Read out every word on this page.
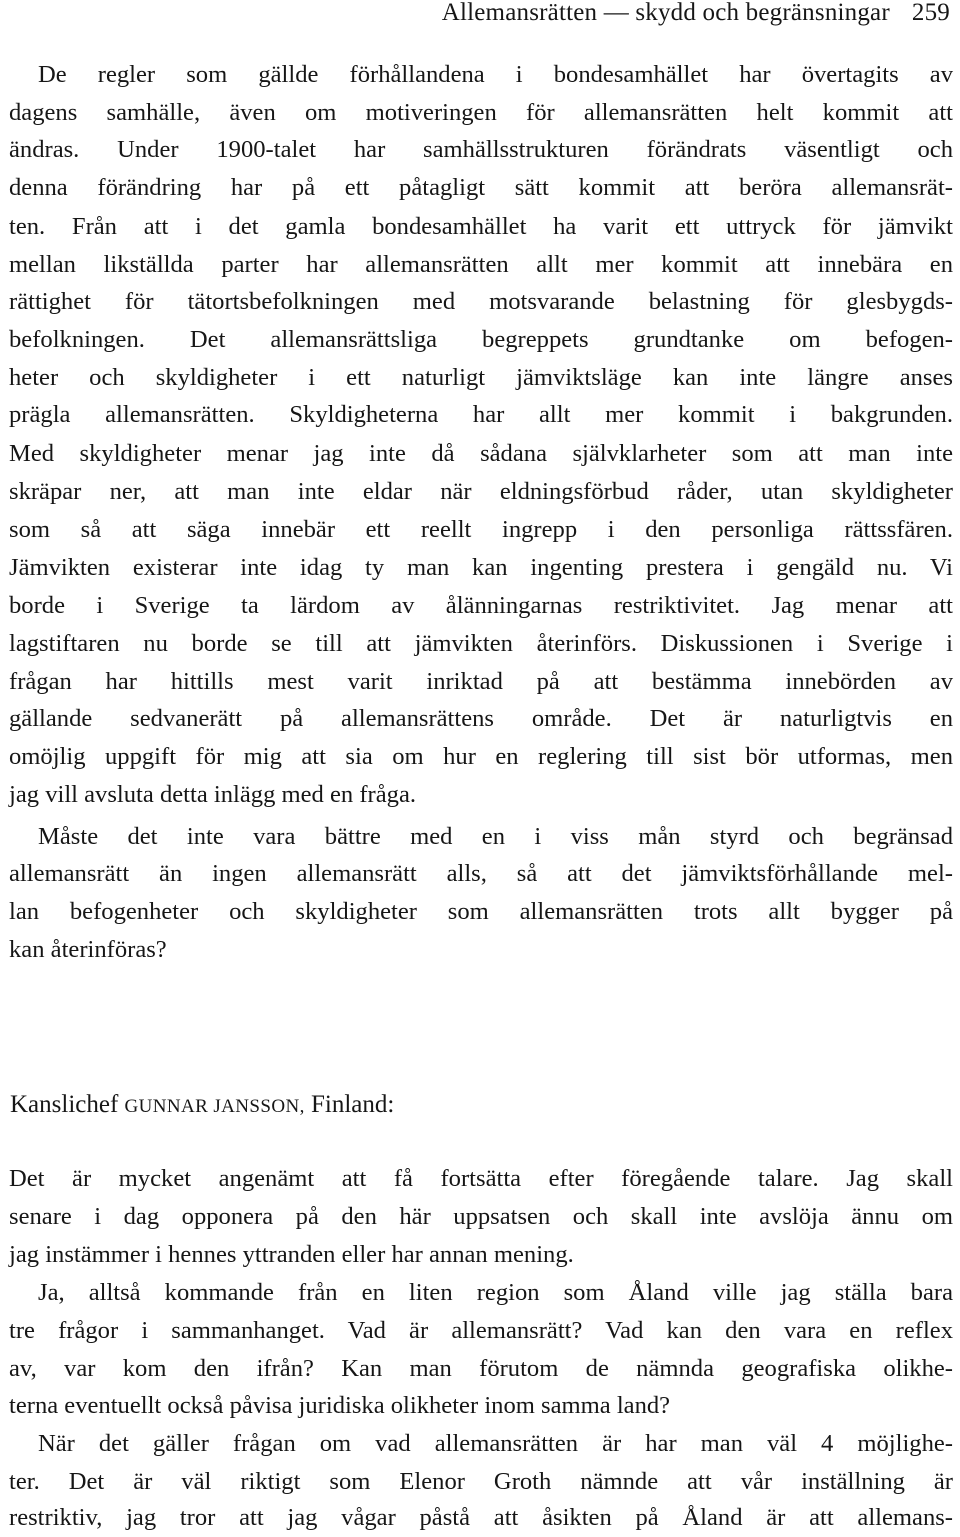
Allemansrätten — skydd och begränsningar 259
De regler som gällde förhållandena i bondesamhället har övertagits av
dagens samhälle, även om motiveringen för allemansrätten helt kommit att
ändras. Under 1900-talet har samhällsstrukturen förändrats väsentligt och
denna förändring har på ett påtagligt sätt kommit att beröra allemansrät-
ten. Från att i det gamla bondesamhället ha varit ett uttryck för jämvikt
mellan likställda parter har allemansrätten allt mer kommit att innebära en
rättighet för tätortsbefolkningen med motsvarande belastning för glesbygds-
befolkningen. Det allemansrättsliga begreppets grundtanke om befogen-
heter och skyldigheter i ett naturligt jämviktsläge kan inte längre anses
prägla allemansrätten. Skyldigheterna har allt mer kommit i bakgrunden.
Med skyldigheter menar jag inte då sådana självklarheter som att man inte
skräpar ner, att man inte eldar när eldningsförbud råder, utan skyldigheter
som så att säga innebär ett reellt ingrepp i den personliga rättssfären.
Jämvikten existerar inte idag ty man kan ingenting prestera i gengäld nu. Vi
borde i Sverige ta lärdom av ålänningarnas restriktivitet. Jag menar att
lagstiftaren nu borde se till att jämvikten återinförs. Diskussionen i Sverige i
frågan har hittills mest varit inriktad på att bestämma innebörden av
gällande sedvanerätt på allemansrättens område. Det är naturligtvis en
omöjlig uppgift för mig att sia om hur en reglering till sist bör utformas, men
jag vill avsluta detta inlägg med en fråga.
Måste det inte vara bättre med en i viss mån styrd och begränsad
allemansrätt än ingen allemansrätt alls, så att det jämviktsförhållande mel-
lan befogenheter och skyldigheter som allemansrätten trots allt bygger på
kan återinföras?
Kanslichef GUNNAR JANSSON, Finland:
Det är mycket angenämt att få fortsätta efter föregående talare. Jag skall
senare i dag opponera på den här uppsatsen och skall inte avslöja ännu om
jag instämmer i hennes yttranden eller har annan mening.
Ja, alltså kommande från en liten region som Åland ville jag ställa bara
tre frågor i sammanhanget. Vad är allemansrätt? Vad kan den vara en reflex
av, var kom den ifrån? Kan man förutom de nämnda geografiska olikhe-
terna eventuellt också påvisa juridiska olikheter inom samma land?
När det gäller frågan om vad allemansrätten är har man väl 4 möjlighe-
ter. Det är väl riktigt som Elenor Groth nämnde att vår inställning är
restriktiv, jag tror att jag vågar påstå att åsikten på Åland är att allemans-
